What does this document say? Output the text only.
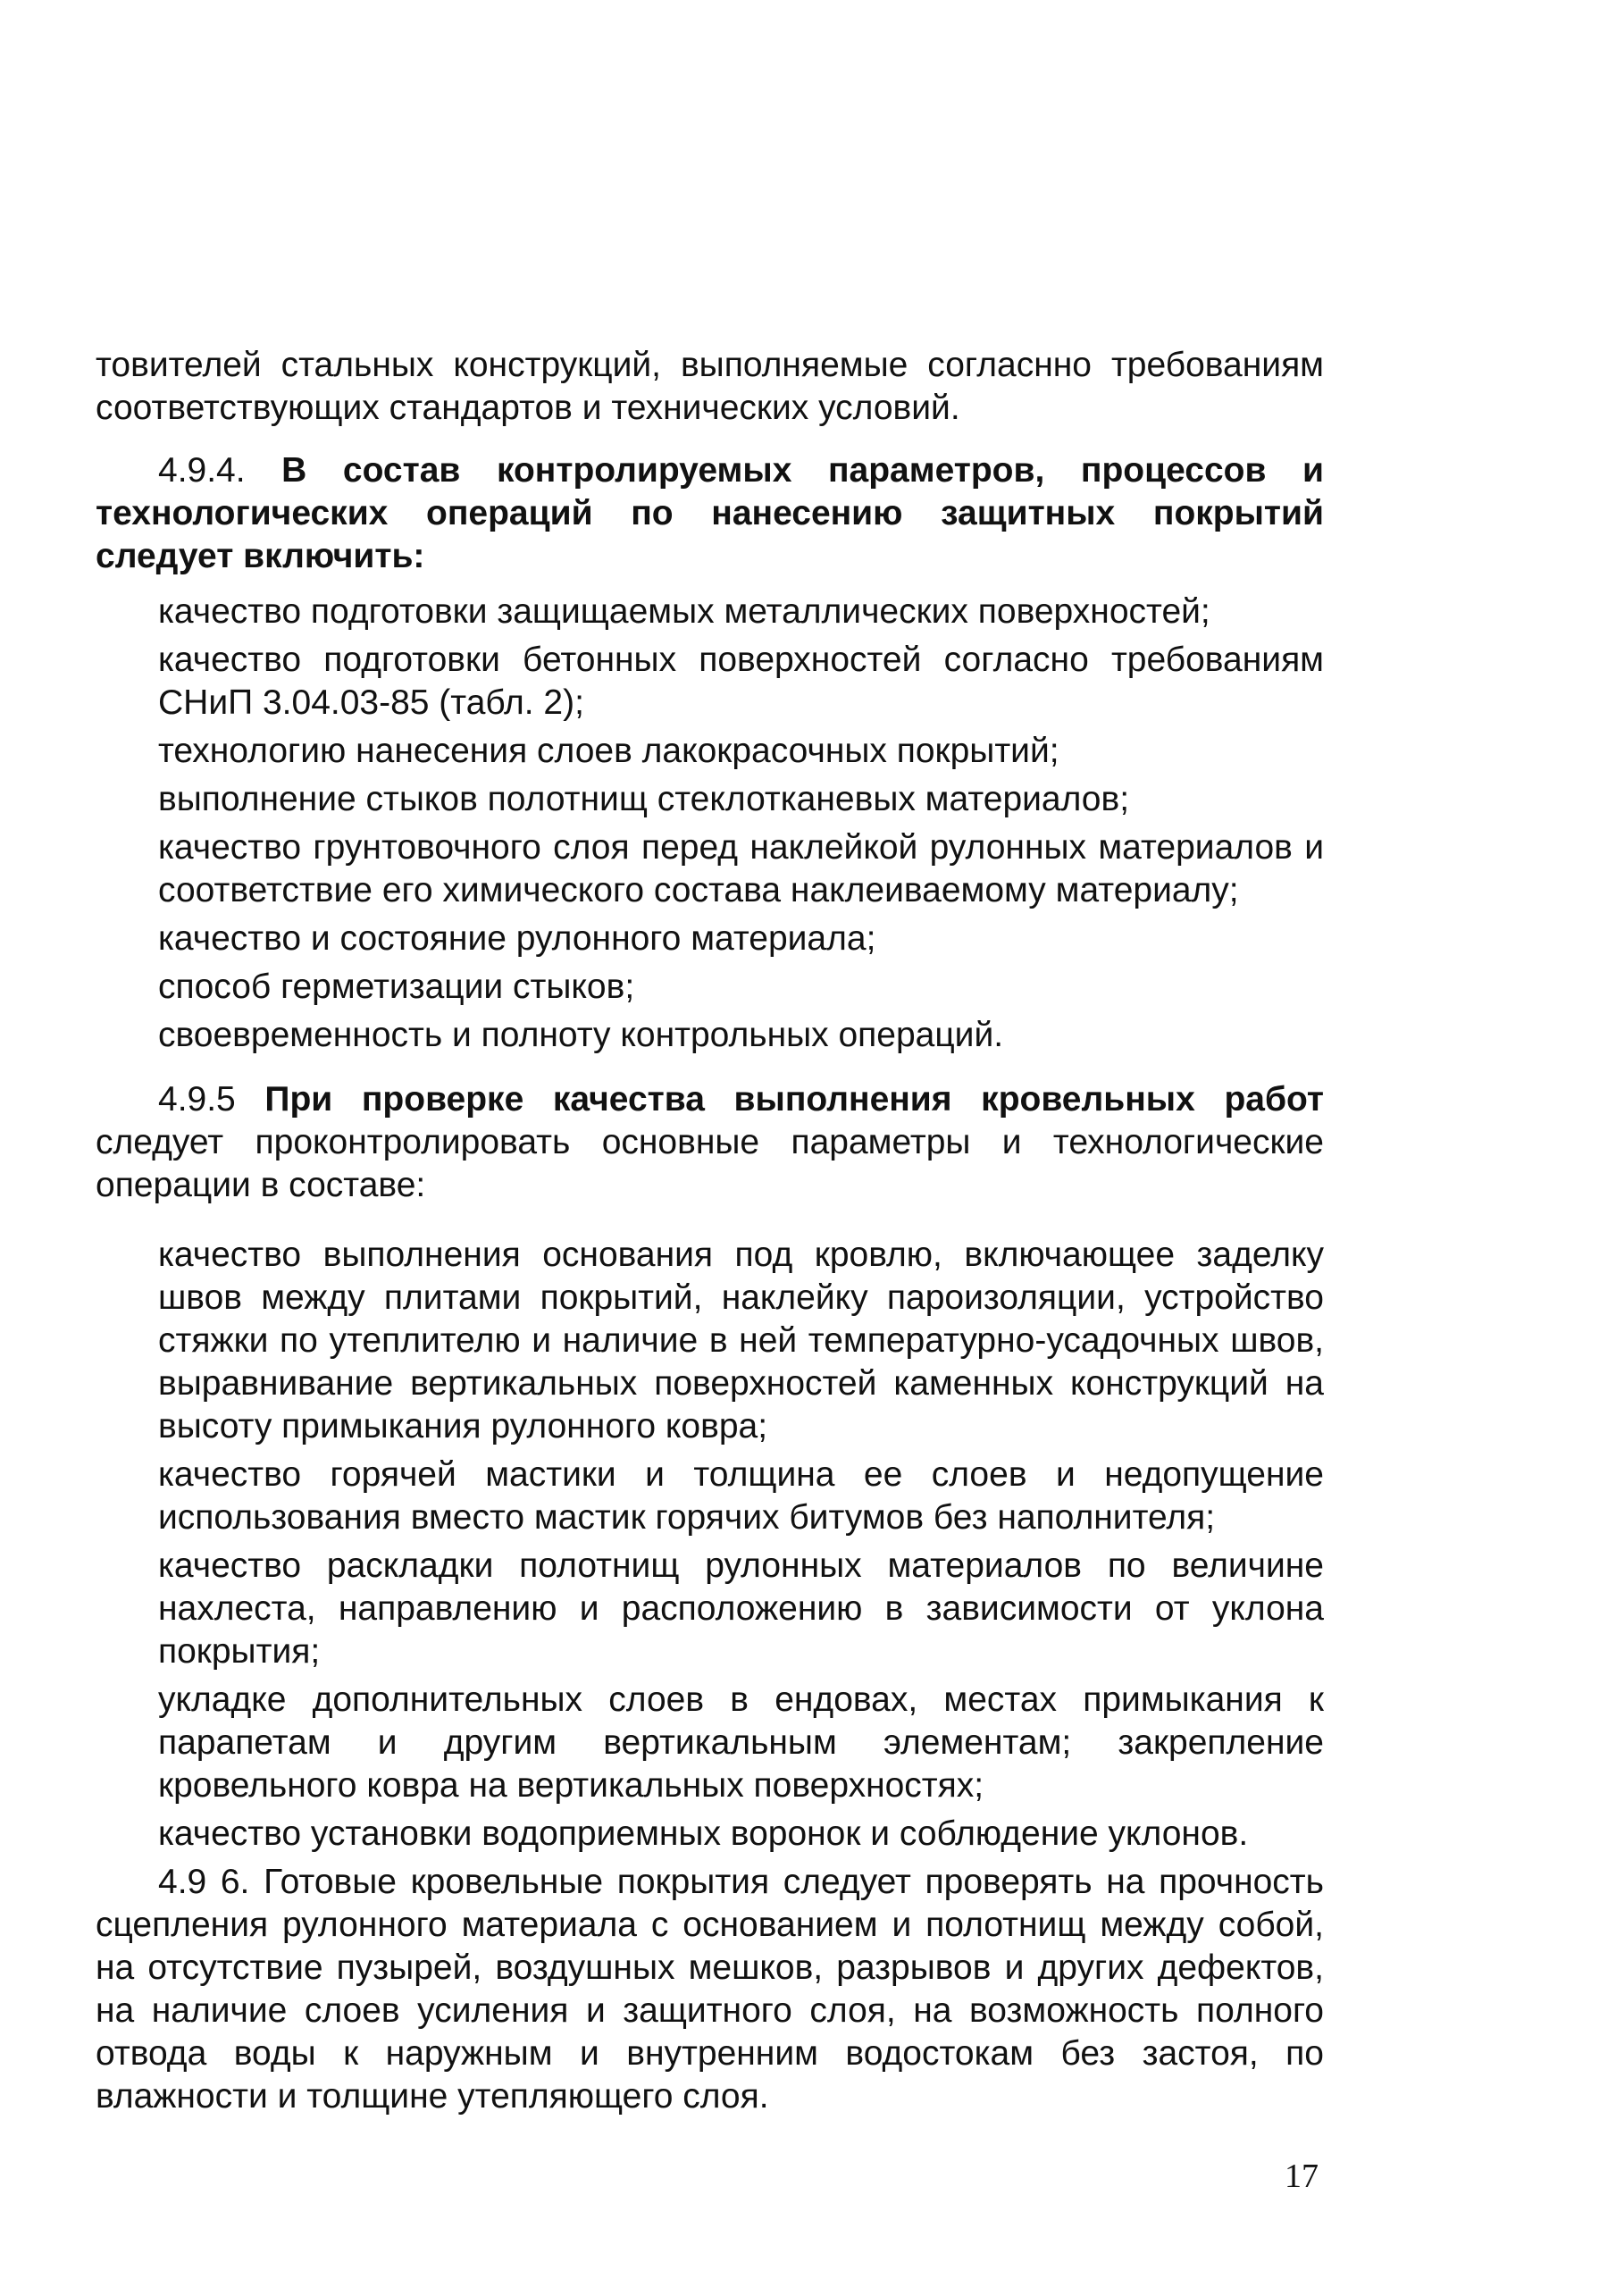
товителей стальных конструкций, выполняемые согласнно требованиям соответствующих стандартов и технических условий.

4.9.4. В состав контролируемых параметров, процессов и технологических операций по нанесению защитных покрытий следует включить:

качество подготовки защищаемых металлических поверхностей;
качество подготовки бетонных поверхностей согласно требованиям СНиП 3.04.03-85 (табл. 2);
технологию нанесения слоев лакокрасочных покрытий;
выполнение стыков полотнищ стеклотканевых материалов;
качество грунтовочного слоя перед наклейкой рулонных материалов и соответствие его химического состава наклеиваемому материалу;
качество и состояние рулонного материала;
способ герметизации стыков;
своевременность и полноту контрольных операций.

4.9.5 При проверке качества выполнения кровельных работ следует проконтролировать основные параметры и технологические операции в составе:

качество выполнения основания под кровлю, включающее заделку швов между плитами покрытий, наклейку пароизоляции, устройство стяжки по утеплителю и наличие в ней температурно-усадочных швов, выравнивание вертикальных поверхностей каменных конструкций на высоту примыкания рулонного ковра;
качество горячей мастики и толщина ее слоев и недопущение использования вместо мастик горячих битумов без наполнителя;
качество раскладки полотнищ рулонных материалов по величине нахлеста, направлению и расположению в зависимости от уклона покрытия;
укладке дополнительных слоев в ендовах, местах примыкания к парапетам и другим вертикальным элементам; закрепление кровельного ковра на вертикальных поверхностях;
качество установки водоприемных воронок и соблюдение уклонов.

4.9 6. Готовые кровельные покрытия следует проверять на прочность сцепления рулонного материала с основанием и полотнищ между собой, на отсутствие пузырей, воздушных мешков, разрывов и других дефектов, на наличие слоев усиления и защитного слоя, на возможность полного отвода воды к наружным и внутренним водостокам без застоя, по влажности и толщине утепляющего слоя.

17
